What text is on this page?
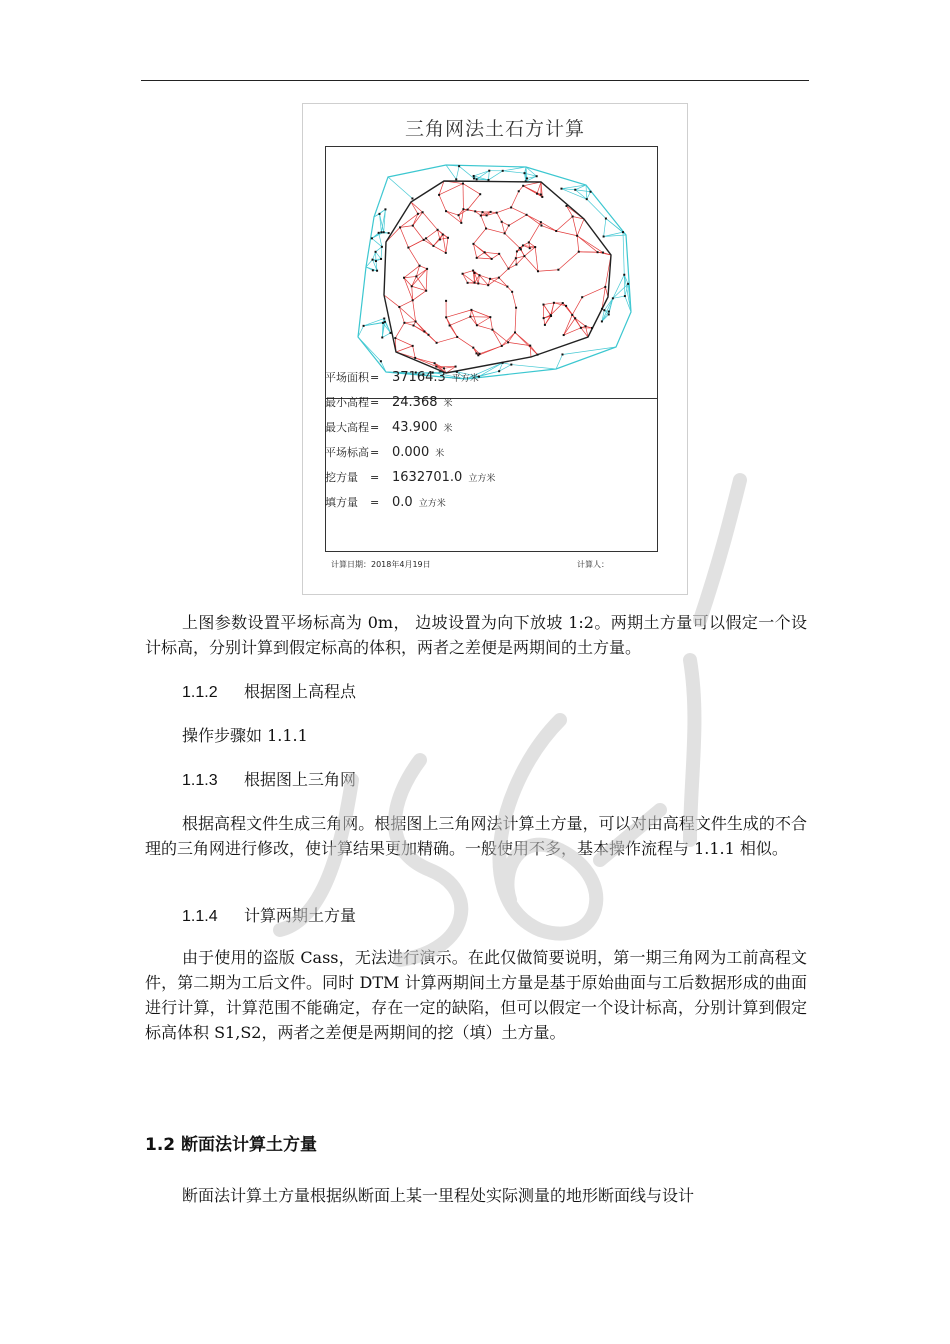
三角网法土石方计算
平场面积= 37164.3 平方米
最小高程= 24.368 米
最大高程= 43.900 米
平场标高= 0.000 米
挖方量 = 1632701.0 立方米
填方量 = 0.0 立方米
计算日期：2018年4月19日	计算人：

上图参数设置平场标高为 0m， 边坡设置为向下放坡 1:2。两期土方量可以假定一个设计标高，分别计算到假定标高的体积，两者之差便是两期间的土方量。

1.1.2 根据图上高程点

操作步骤如 1.1.1

1.1.3 根据图上三角网

根据高程文件生成三角网。根据图上三角网法计算土方量，可以对由高程文件生成的不合理的三角网进行修改，使计算结果更加精确。一般使用不多，基本操作流程与 1.1.1 相似。

1.1.4 计算两期土方量

由于使用的盗版 Cass，无法进行演示。在此仅做简要说明，第一期三角网为工前高程文件，第二期为工后文件。同时 DTM 计算两期间土方量是基于原始曲面与工后数据形成的曲面进行计算，计算范围不能确定，存在一定的缺陷，但可以假定一个设计标高，分别计算到假定标高体积 S1,S2，两者之差便是两期间的挖（填）土方量。

1.2 断面法计算土方量

断面法计算土方量根据纵断面上某一里程处实际测量的地形断面线与设计
